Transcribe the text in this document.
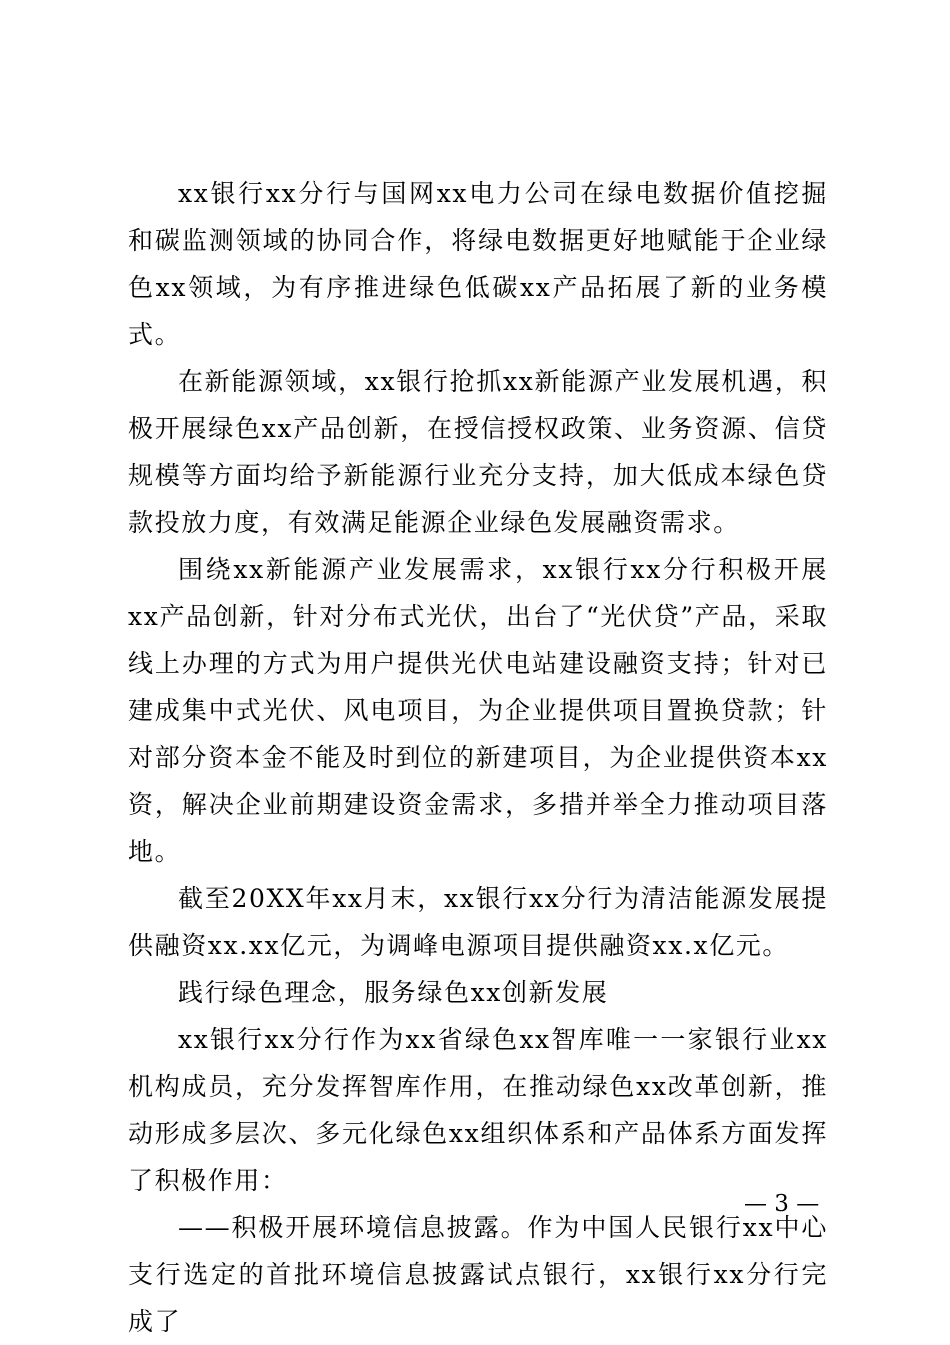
xx银行xx分行与国网xx电力公司在绿电数据价值挖掘和碳监测领域的协同合作，将绿电数据更好地赋能于企业绿色xx领域，为有序推进绿色低碳xx产品拓展了新的业务模式。

在新能源领域，xx银行抢抓xx新能源产业发展机遇，积极开展绿色xx产品创新，在授信授权政策、业务资源、信贷规模等方面均给予新能源行业充分支持，加大低成本绿色贷款投放力度，有效满足能源企业绿色发展融资需求。

围绕xx新能源产业发展需求，xx银行xx分行积极开展xx产品创新，针对分布式光伏，出台了“光伏贷”产品，采取线上办理的方式为用户提供光伏电站建设融资支持；针对已建成集中式光伏、风电项目，为企业提供项目置换贷款；针对部分资本金不能及时到位的新建项目，为企业提供资本xx资，解决企业前期建设资金需求，多措并举全力推动项目落地。

截至20XX年xx月末，xx银行xx分行为清洁能源发展提供融资xx.xx亿元，为调峰电源项目提供融资xx.x亿元。

践行绿色理念，服务绿色xx创新发展

xx银行xx分行作为xx省绿色xx智库唯一一家银行业xx机构成员，充分发挥智库作用，在推动绿色xx改革创新，推动形成多层次、多元化绿色xx组织体系和产品体系方面发挥了积极作用：

——积极开展环境信息披露。作为中国人民银行xx中心支行选定的首批环境信息披露试点银行，xx银行xx分行完成了

— 3 —
